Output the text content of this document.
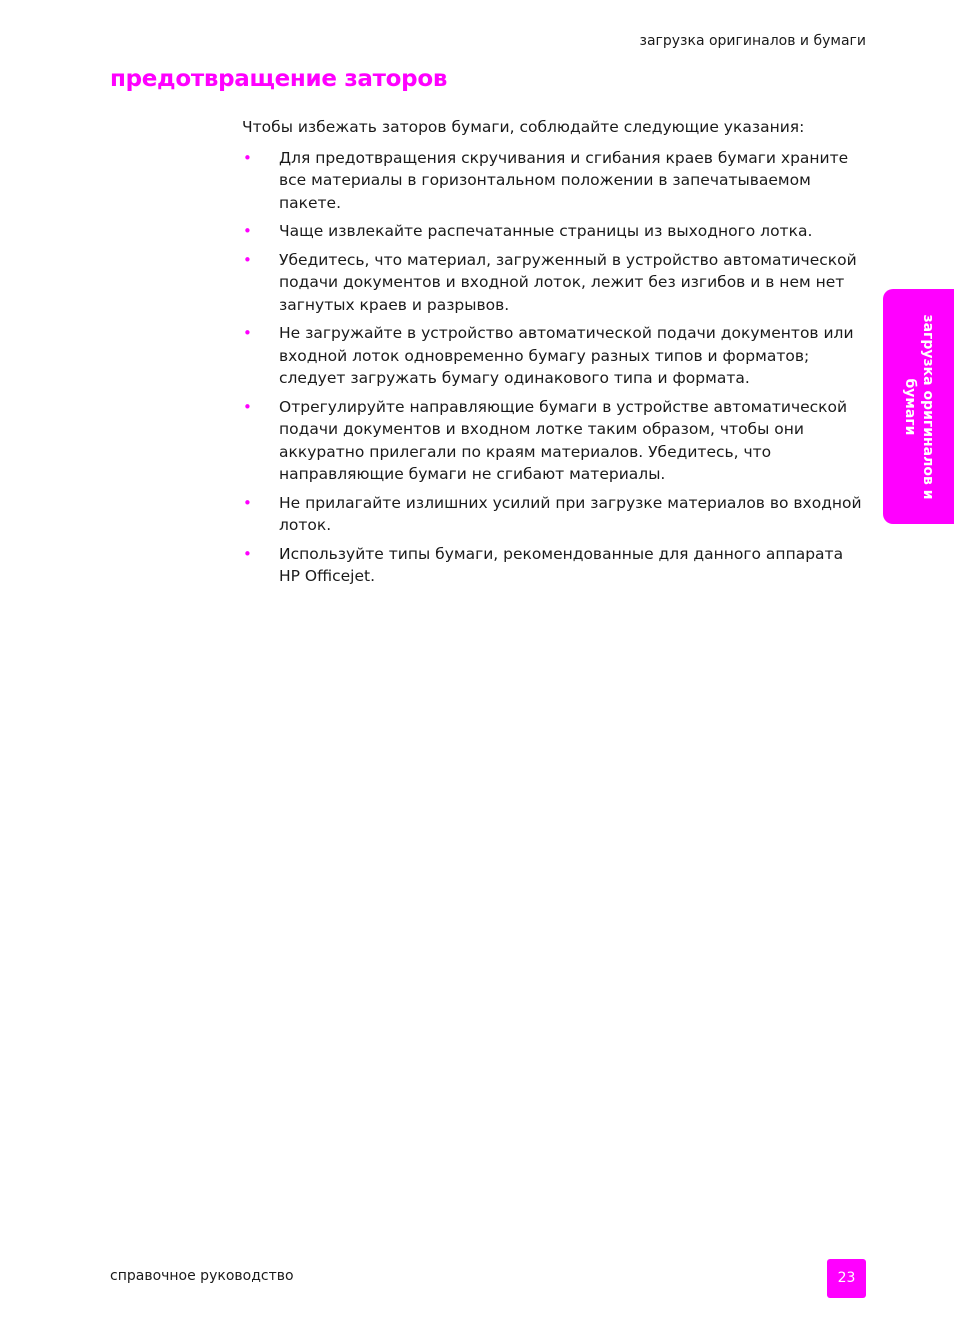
загрузка оригиналов и бумаги
предотвращение заторов

Чтобы избежать заторов бумаги, соблюдайте следующие указания:

• Для предотвращения скручивания и сгибания краев бумаги храните все материалы в горизонтальном положении в запечатываемом пакете.
• Чаще извлекайте распечатанные страницы из выходного лотка.
• Убедитесь, что материал, загруженный в устройство автоматической подачи документов и входной лоток, лежит без изгибов и в нем нет загнутых краев и разрывов.
• Не загружайте в устройство автоматической подачи документов или входной лоток одновременно бумагу разных типов и форматов; следует загружать бумагу одинакового типа и формата.
• Отрегулируйте направляющие бумаги в устройстве автоматической подачи документов и входном лотке таким образом, чтобы они аккуратно прилегали по краям материалов. Убедитесь, что направляющие бумаги не сгибают материалы.
• Не прилагайте излишних усилий при загрузке материалов во входной лоток.
• Используйте типы бумаги, рекомендованные для данного аппарата HP Officejet.
загрузка оригиналов и
бумаги
справочное руководство	23
